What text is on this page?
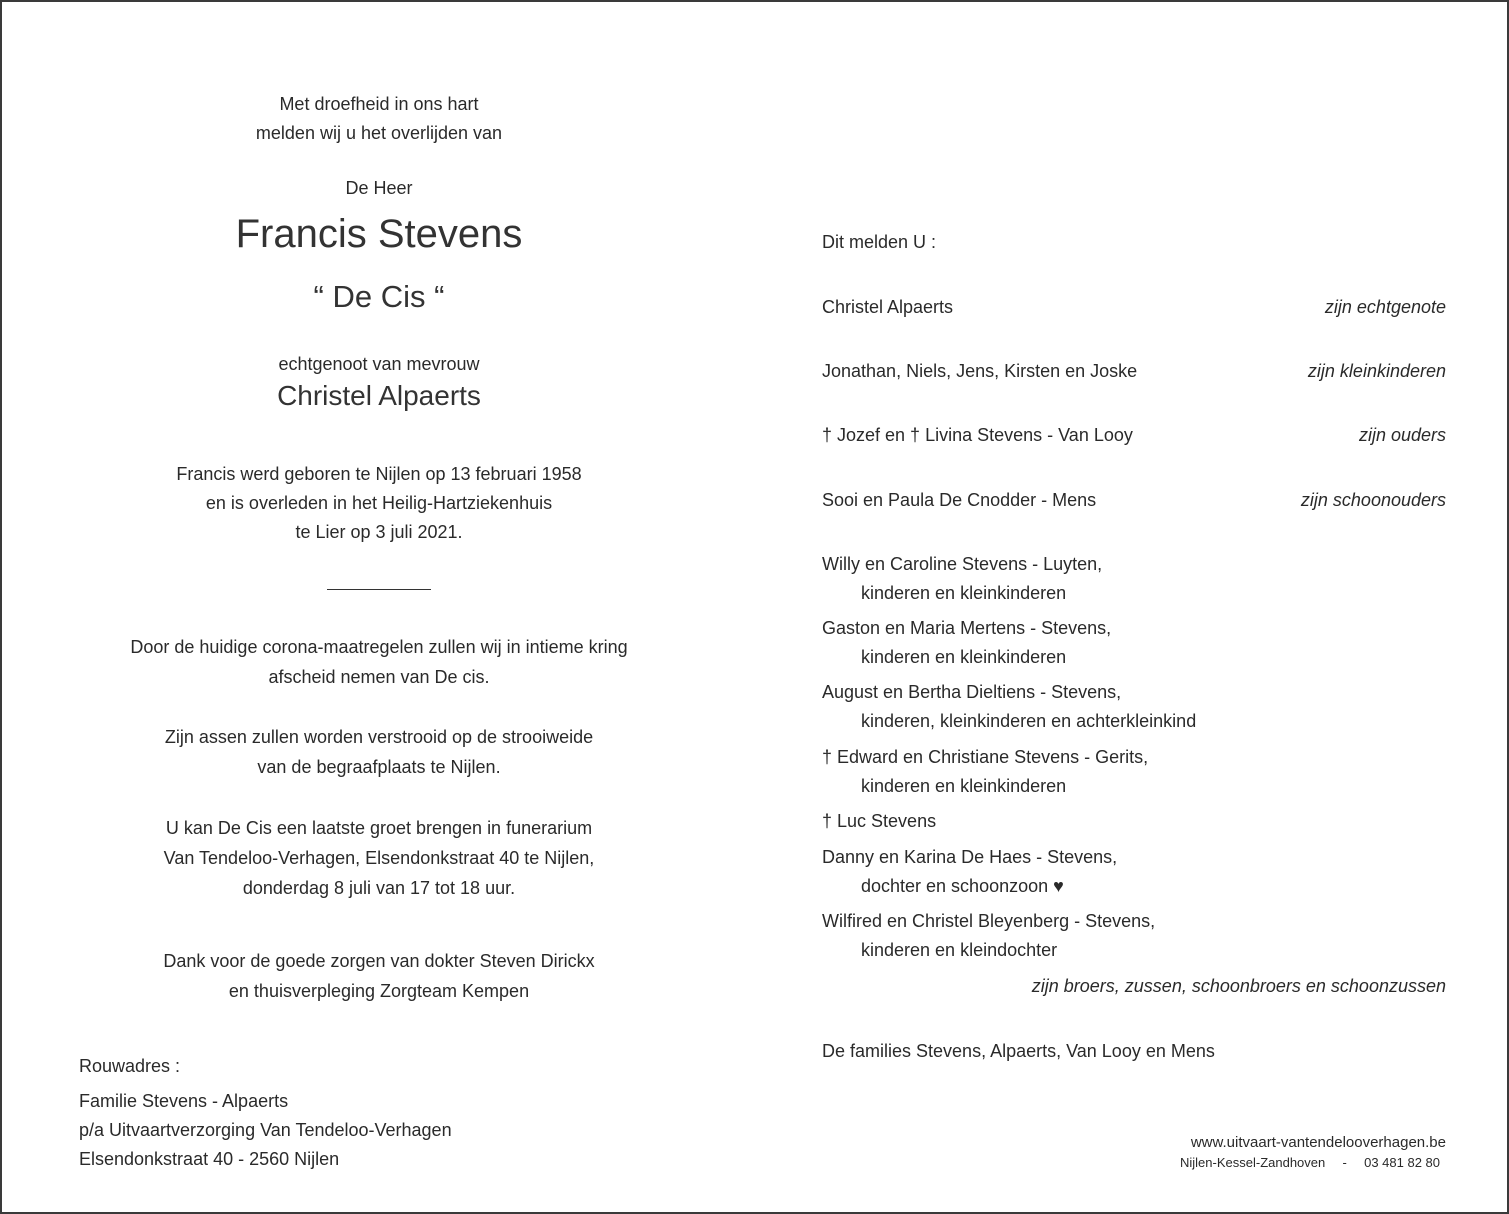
Met droefheid in ons hart
melden wij u het overlijden van
De Heer
Francis Stevens
“ De Cis “
echtgenoot van mevrouw
Christel Alpaerts
Francis werd geboren te Nijlen op 13 februari 1958
en is overleden in het Heilig-Hartziekenhuis
te Lier op 3 juli 2021.
Door de huidige corona-maatregelen zullen wij in intieme kring
afscheid nemen van De cis.
Zijn assen zullen worden verstrooid op de strooiweide
van de begraafplaats te Nijlen.
U kan De Cis een laatste groet brengen in funerarium
Van Tendeloo-Verhagen, Elsendonkstraat 40 te Nijlen,
donderdag 8 juli van 17 tot 18 uur.
Dank voor de goede zorgen van dokter Steven Dirickx
en thuisverpleging Zorgteam Kempen
Rouwadres :
Familie Stevens - Alpaerts
p/a Uitvaartverzorging Van Tendeloo-Verhagen
Elsendonkstraat 40 - 2560 Nijlen
Dit melden U :
Christel Alpaerts	zijn echtgenote
Jonathan, Niels, Jens, Kirsten en Joske	zijn kleinkinderen
† Jozef en † Livina Stevens - Van Looy	zijn ouders
Sooi en Paula De Cnodder - Mens	zijn schoonouders
Willy en Caroline Stevens - Luyten,
kinderen en kleinkinderen
Gaston en Maria Mertens - Stevens,
kinderen en kleinkinderen
August en Bertha Dieltiens - Stevens,
kinderen, kleinkinderen en achterkleinkind
† Edward en Christiane Stevens - Gerits,
kinderen en kleinkinderen
† Luc Stevens
Danny en Karina De Haes - Stevens,
dochter en schoonzoon ♥
Wilfired en Christel Bleyenberg - Stevens,
kinderen en kleindochter
zijn broers, zussen, schoonbroers en schoonzussen
De families Stevens, Alpaerts, Van Looy en Mens
www.uitvaart-vantendelooverhagen.be
Nijlen-Kessel-Zandhoven - 03 481 82 80
